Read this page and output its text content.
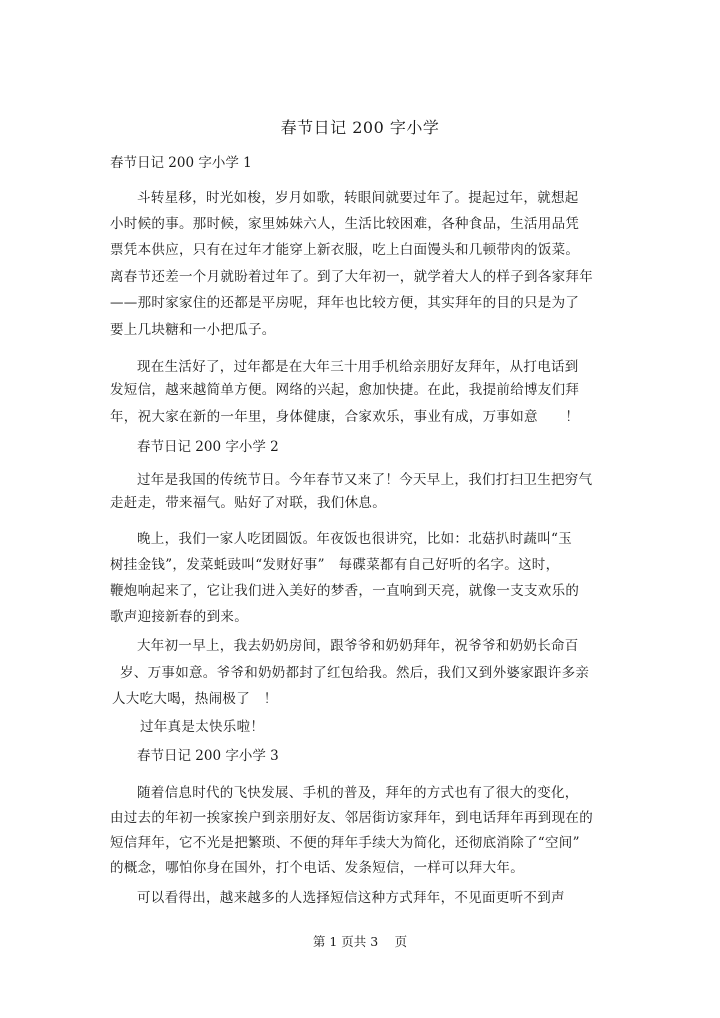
春节日记 200 字小学
春节日记 200 字小学 1
斗转星移，时光如梭，岁月如歌，转眼间就要过年了。提起过年，就想起
小时候的事。那时候，家里姊妹六人，生活比较困难，各种食品，生活用品凭
票凭本供应，只有在过年才能穿上新衣服，吃上白面馒头和几顿带肉的饭菜。
离春节还差一个月就盼着过年了。到了大年初一，就学着大人的样子到各家拜年
——那时家家住的还都是平房呢，拜年也比较方便，其实拜年的目的只是为了
要上几块糖和一小把瓜子。
现在生活好了，过年都是在大年三十用手机给亲朋好友拜年，从打电话到
发短信，越来越简单方便。网络的兴起，愈加快捷。在此，我提前给博友们拜
年，祝大家在新的一年里，身体健康，合家欢乐，事业有成，万事如意　　！
春节日记 200 字小学 2
过年是我国的传统节日。今年春节又来了！今天早上，我们打扫卫生把穷气
走赶走，带来福气。贴好了对联，我们休息。
晚上，我们一家人吃团圆饭。年夜饭也很讲究，比如：北菇扒时蔬叫“玉
树挂金钱”，发菜蚝豉叫“发财好事”　每碟菜都有自己好听的名字。这时，
鞭炮响起来了，它让我们进入美好的梦香，一直响到天亮，就像一支支欢乐的
歌声迎接新春的到来。
大年初一早上，我去奶奶房间，跟爷爷和奶奶拜年，祝爷爷和奶奶长命百
岁、万事如意。爷爷和奶奶都封了红包给我。然后，我们又到外婆家跟许多亲
人大吃大喝，热闹极了　！
过年真是太快乐啦！
春节日记 200 字小学 3
随着信息时代的飞快发展、手机的普及，拜年的方式也有了很大的变化，
由过去的年初一挨家挨户到亲朋好友、邻居街访家拜年，到电话拜年再到现在的
短信拜年，它不光是把繁琐、不便的拜年手续大为简化，还彻底消除了“空间”
的概念，哪怕你身在国外，打个电话、发条短信，一样可以拜大年。
可以看得出，越来越多的人选择短信这种方式拜年，不见面更听不到声
第 1 页共 3　 页
